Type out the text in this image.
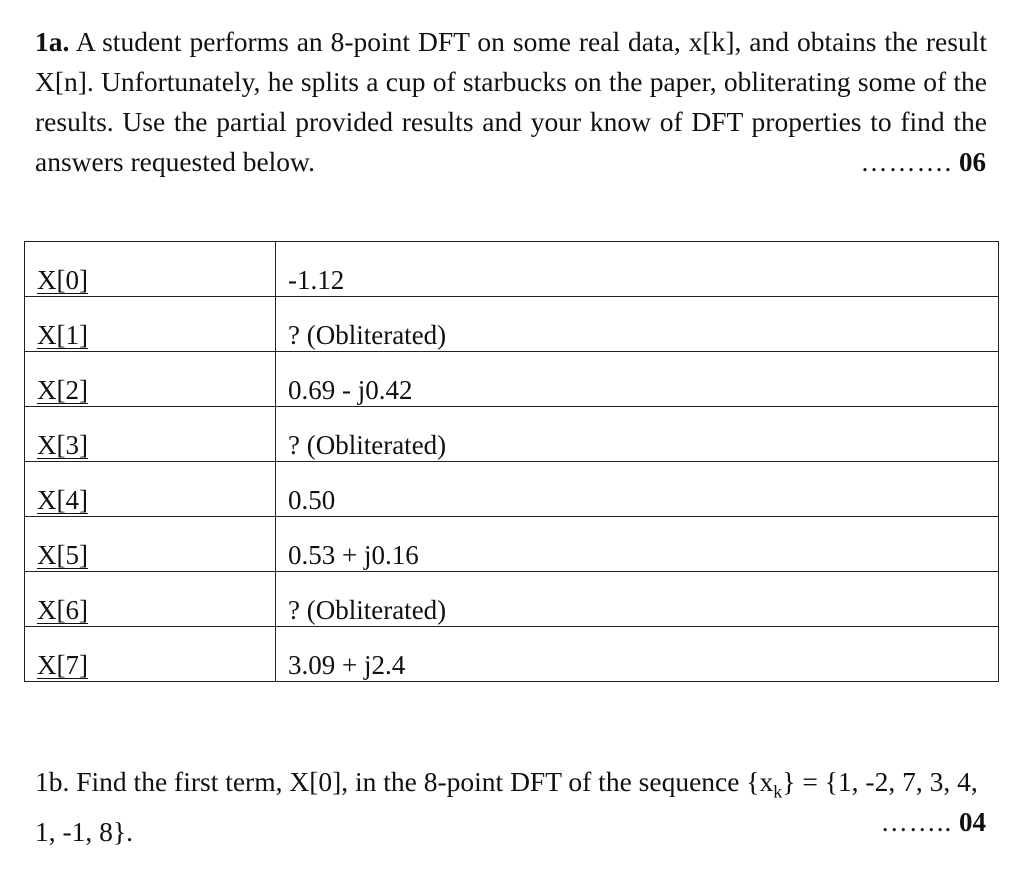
1a. A student performs an 8-point DFT on some real data, x[k], and obtains the result X[n]. Unfortunately, he splits a cup of starbucks on the paper, obliterating some of the results. Use the partial provided results and your know of DFT properties to find the answers requested below.	………. 06
X[0]	-1.12
X[1]	? (Obliterated)
X[2]	0.69 - j0.42
X[3]	? (Obliterated)
X[4]	0.50
X[5]	0.53 + j0.16
X[6]	? (Obliterated)
X[7]	3.09 + j2.4
1b. Find the first term, X[0], in the 8-point DFT of the sequence $\{x_k\} = \{1$, -2, 7, 3, 4, 1, -1, 8}.	…….. 04
